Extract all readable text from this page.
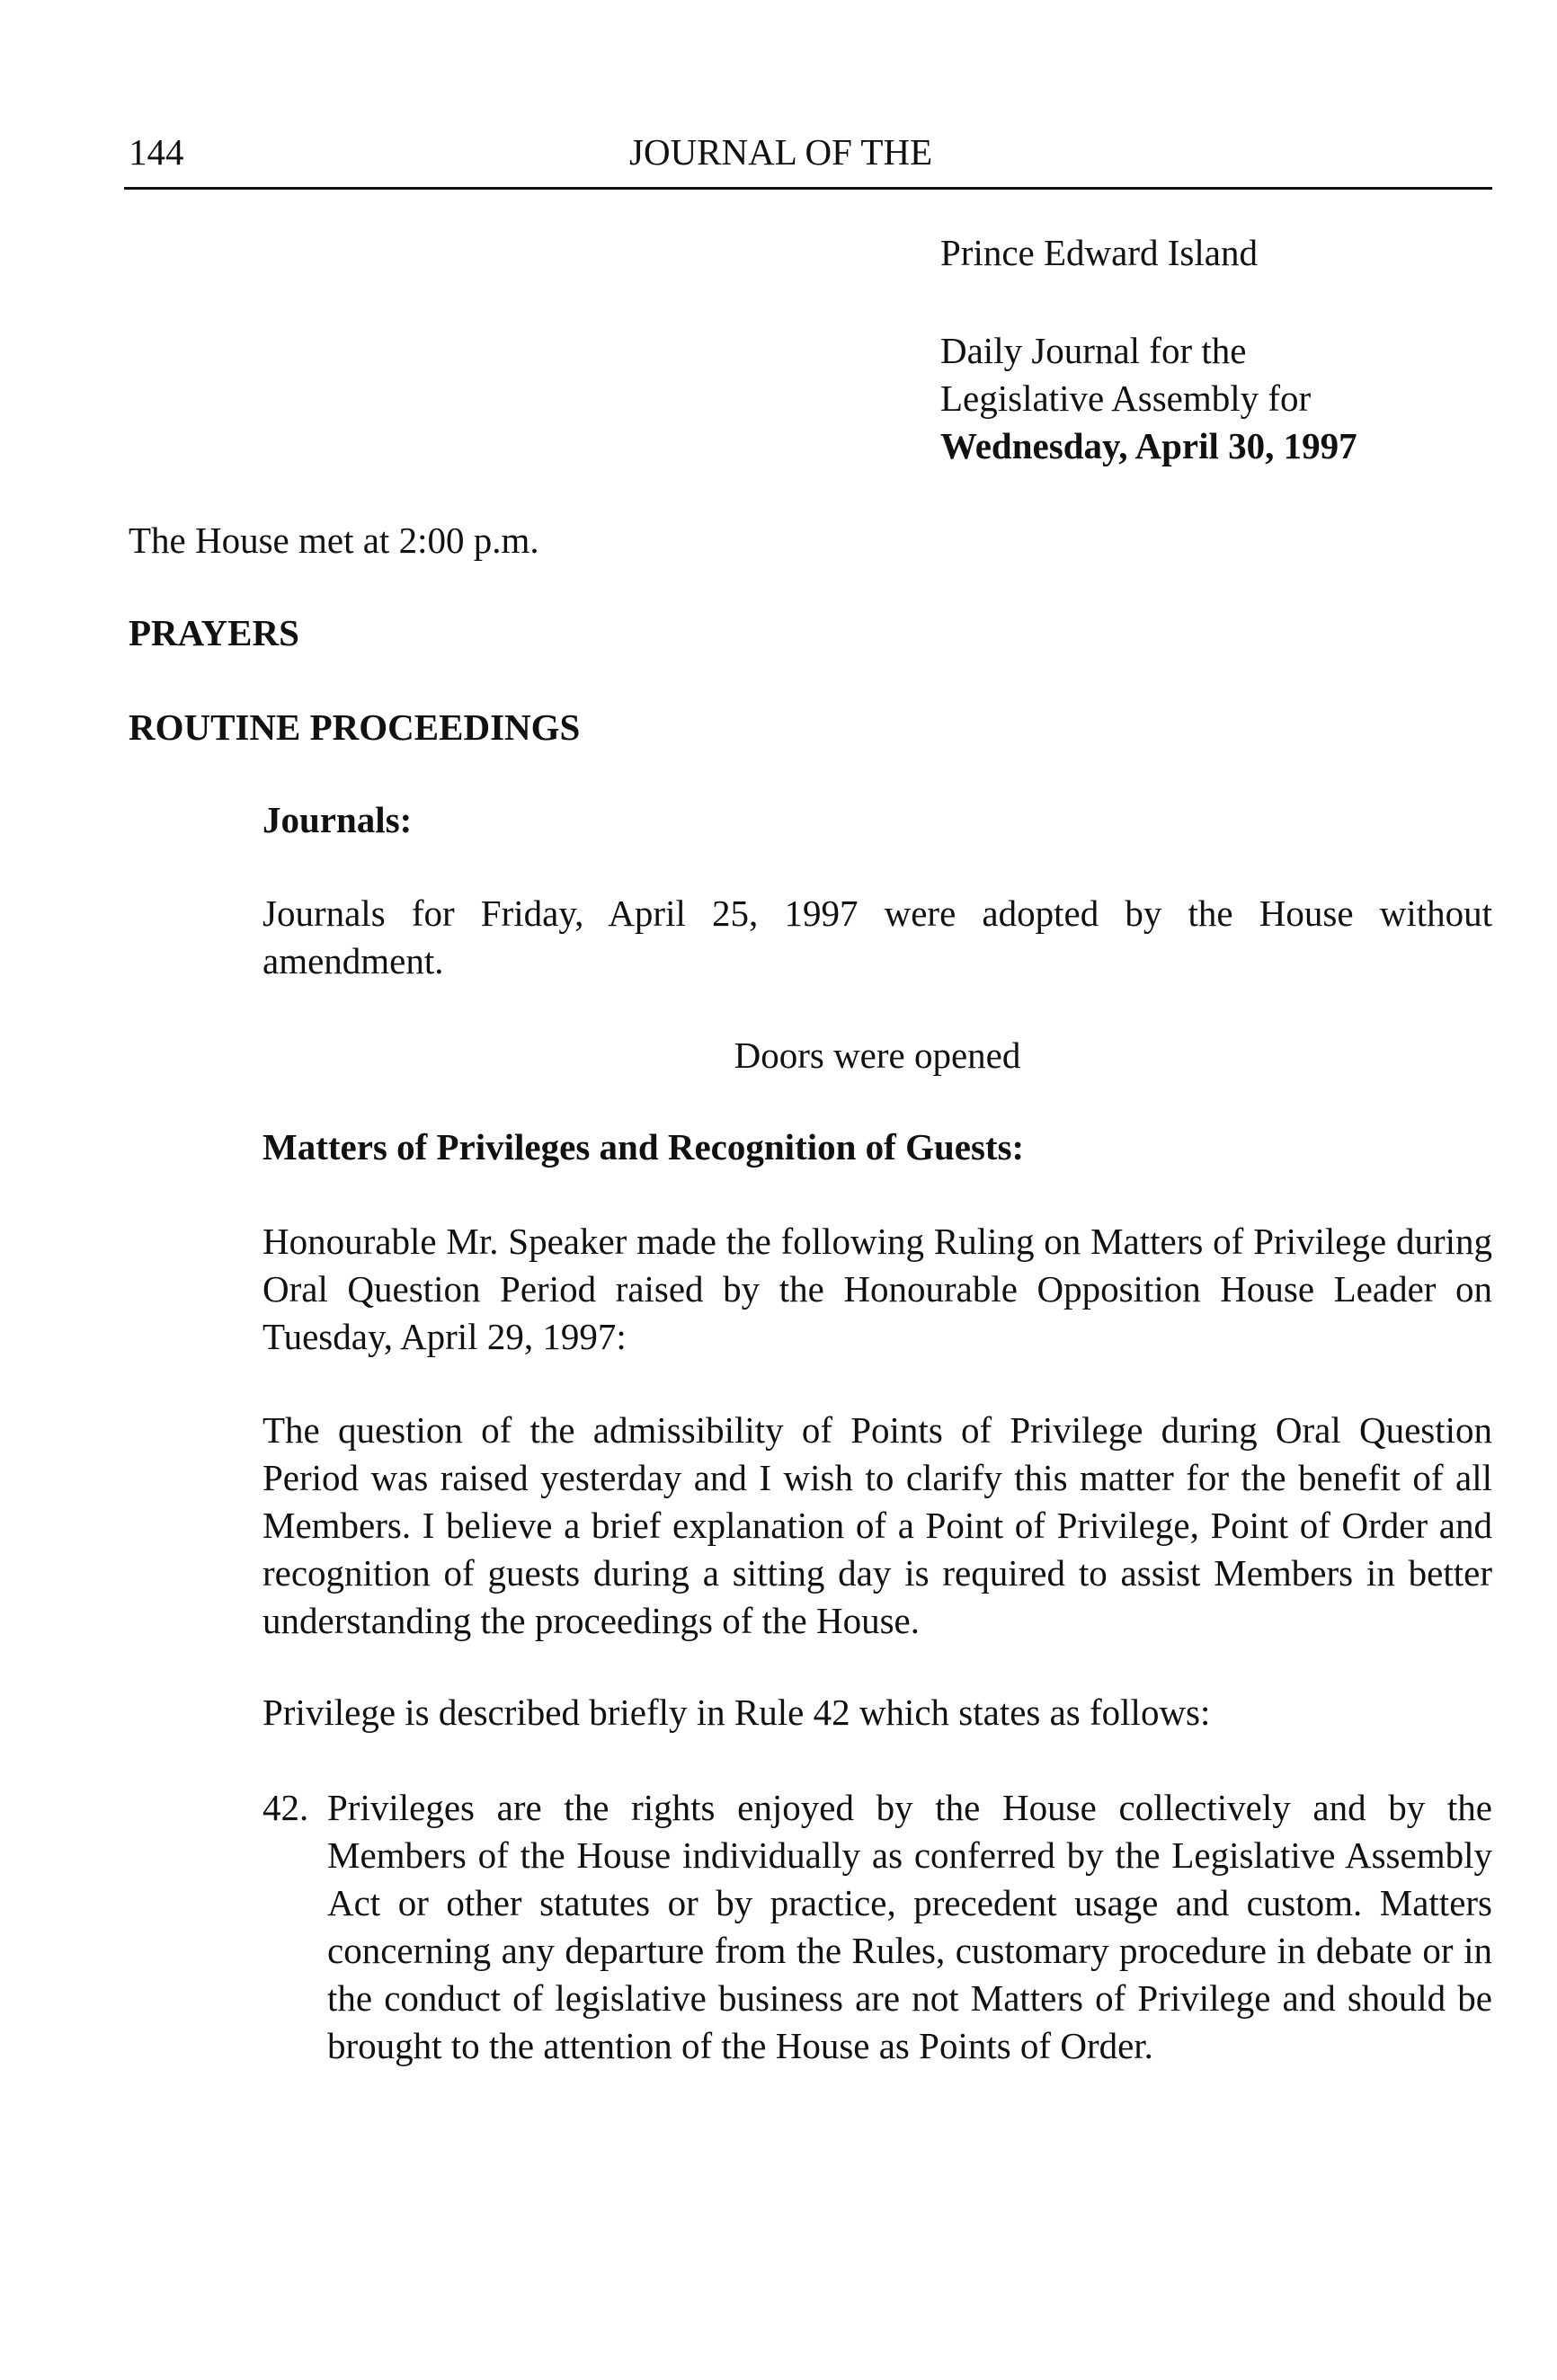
144	JOURNAL OF THE
Prince Edward Island
Daily Journal for the
Legislative Assembly for
Wednesday, April 30, 1997
The House met at 2:00 p.m.
PRAYERS
ROUTINE PROCEEDINGS
Journals:
Journals for Friday, April 25, 1997 were adopted by the House without amendment.
Doors were opened
Matters of Privileges and Recognition of Guests:
Honourable Mr. Speaker made the following Ruling on Matters of Privilege during Oral Question Period raised by the Honourable Opposition House Leader on Tuesday, April 29, 1997:
The question of the admissibility of Points of Privilege during Oral Question Period was raised yesterday and I wish to clarify this matter for the benefit of all Members. I believe a brief explanation of a Point of Privilege, Point of Order and recognition of guests during a sitting day is required to assist Members in better understanding the proceedings of the House.
Privilege is described briefly in Rule 42 which states as follows:
42. Privileges are the rights enjoyed by the House collectively and by the Members of the House individually as conferred by the Legislative Assembly Act or other statutes or by practice, precedent usage and custom. Matters concerning any departure from the Rules, customary procedure in debate or in the conduct of legislative business are not Matters of Privilege and should be brought to the attention of the House as Points of Order.
